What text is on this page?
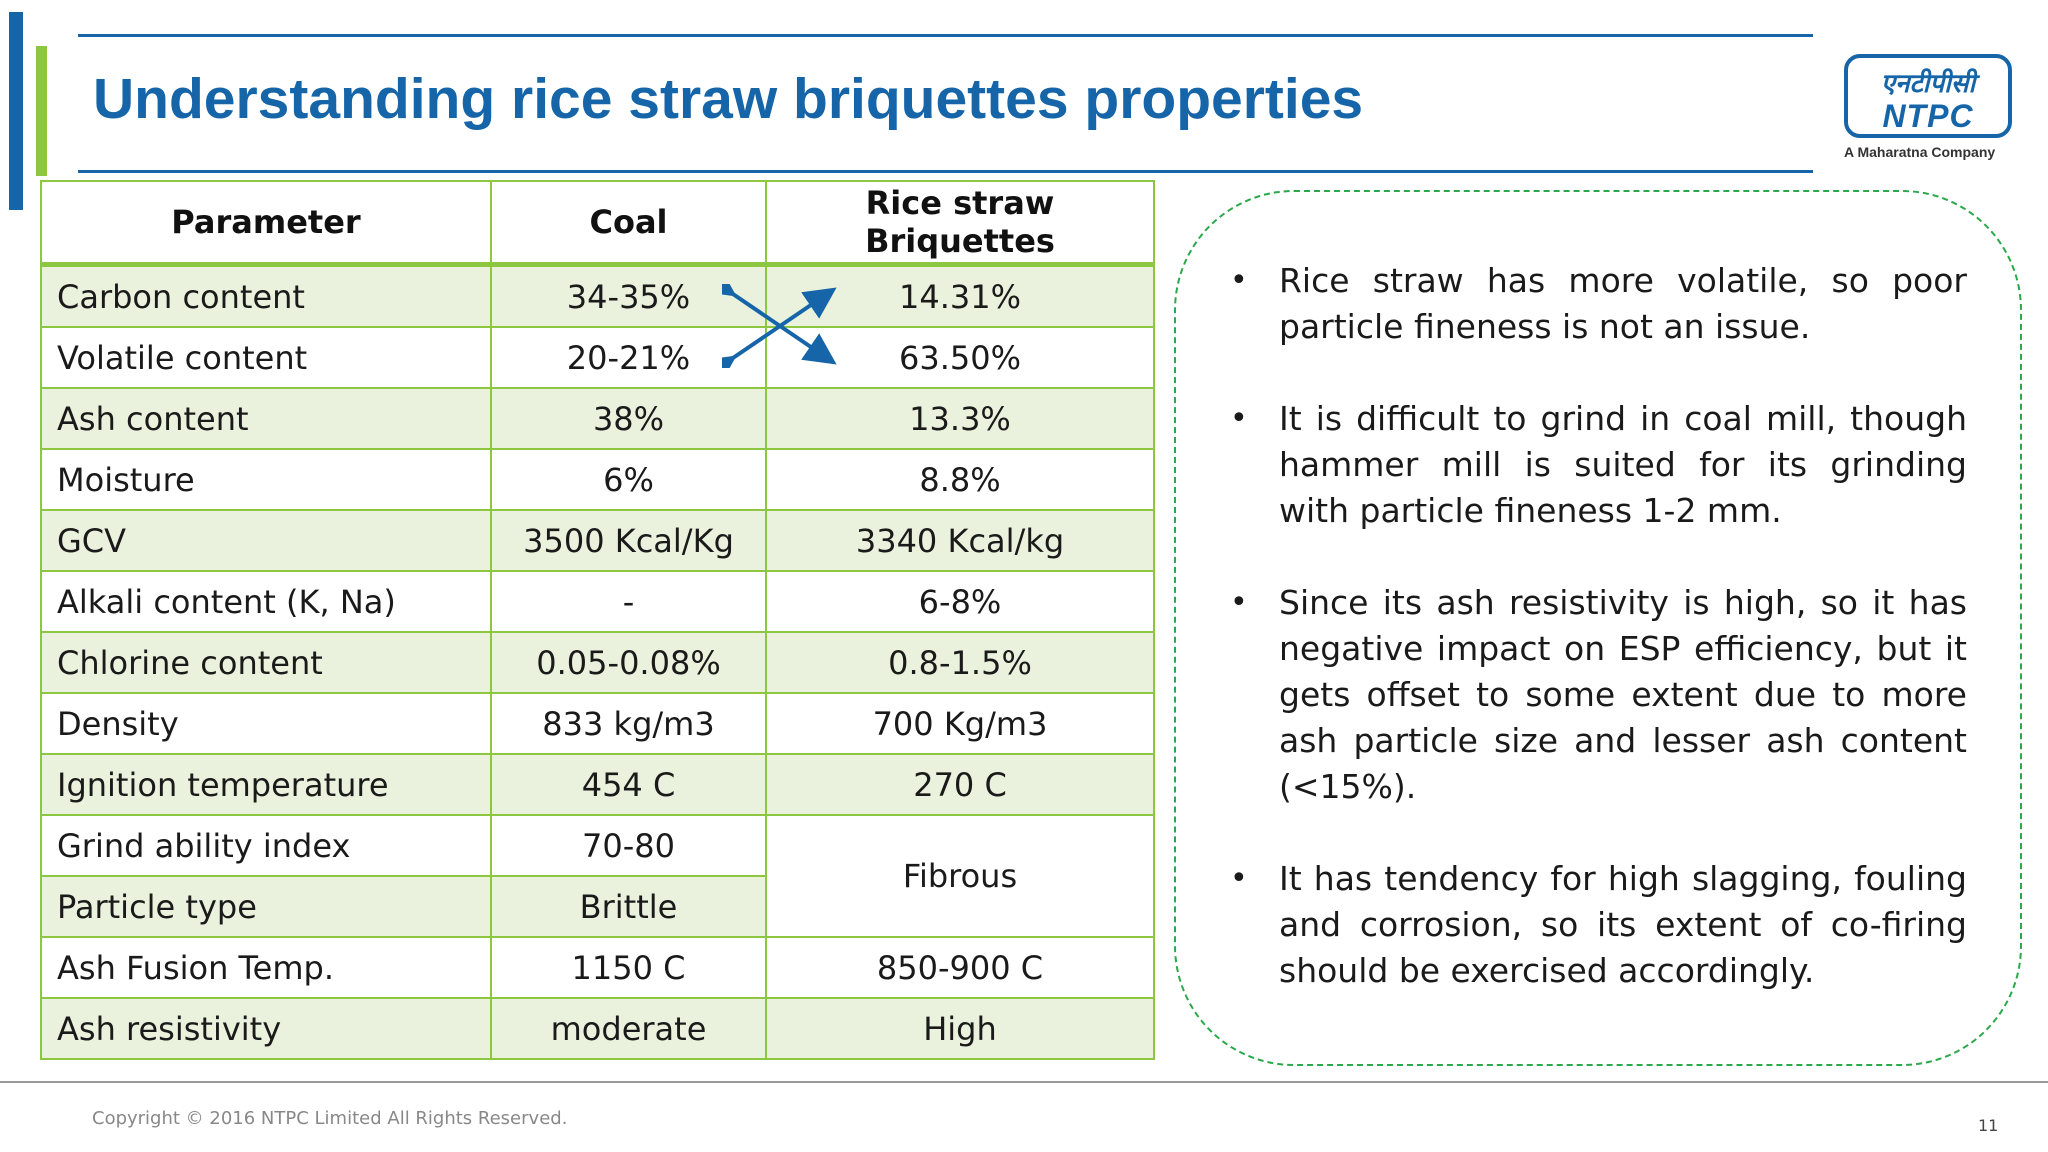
Understanding rice straw briquettes properties	एनटीपीसी
NTPC
A Maharatna Company
Parameter	Coal	Rice straw Briquettes
Carbon content	34-35%	14.31%
Volatile content	20-21%	63.50%
Ash content	38%	13.3%
Moisture	6%	8.8%
GCV	3500 Kcal/Kg	3340 Kcal/kg
Alkali content (K, Na)	-	6-8%
Chlorine content	0.05-0.08%	0.8-1.5%
Density	833 kg/m3	700 Kg/m3
Ignition temperature	454 C	270 C
Grind ability index	70-80	Fibrous
Particle type	Brittle	
Ash Fusion Temp.	1150 C	850-900 C
Ash resistivity	moderate	High
• Rice straw has more volatile, so poor particle fineness is not an issue.
• It is difficult to grind in coal mill, though hammer mill is suited for its grinding with particle fineness 1-2 mm.
• Since its ash resistivity is high, so it has negative impact on ESP efficiency, but it gets offset to some extent due to more ash particle size and lesser ash content (<15%).
• It has tendency for high slagging, fouling and corrosion, so its extent of co-firing should be exercised accordingly.
Copyright © 2016 NTPC Limited All Rights Reserved.	11
